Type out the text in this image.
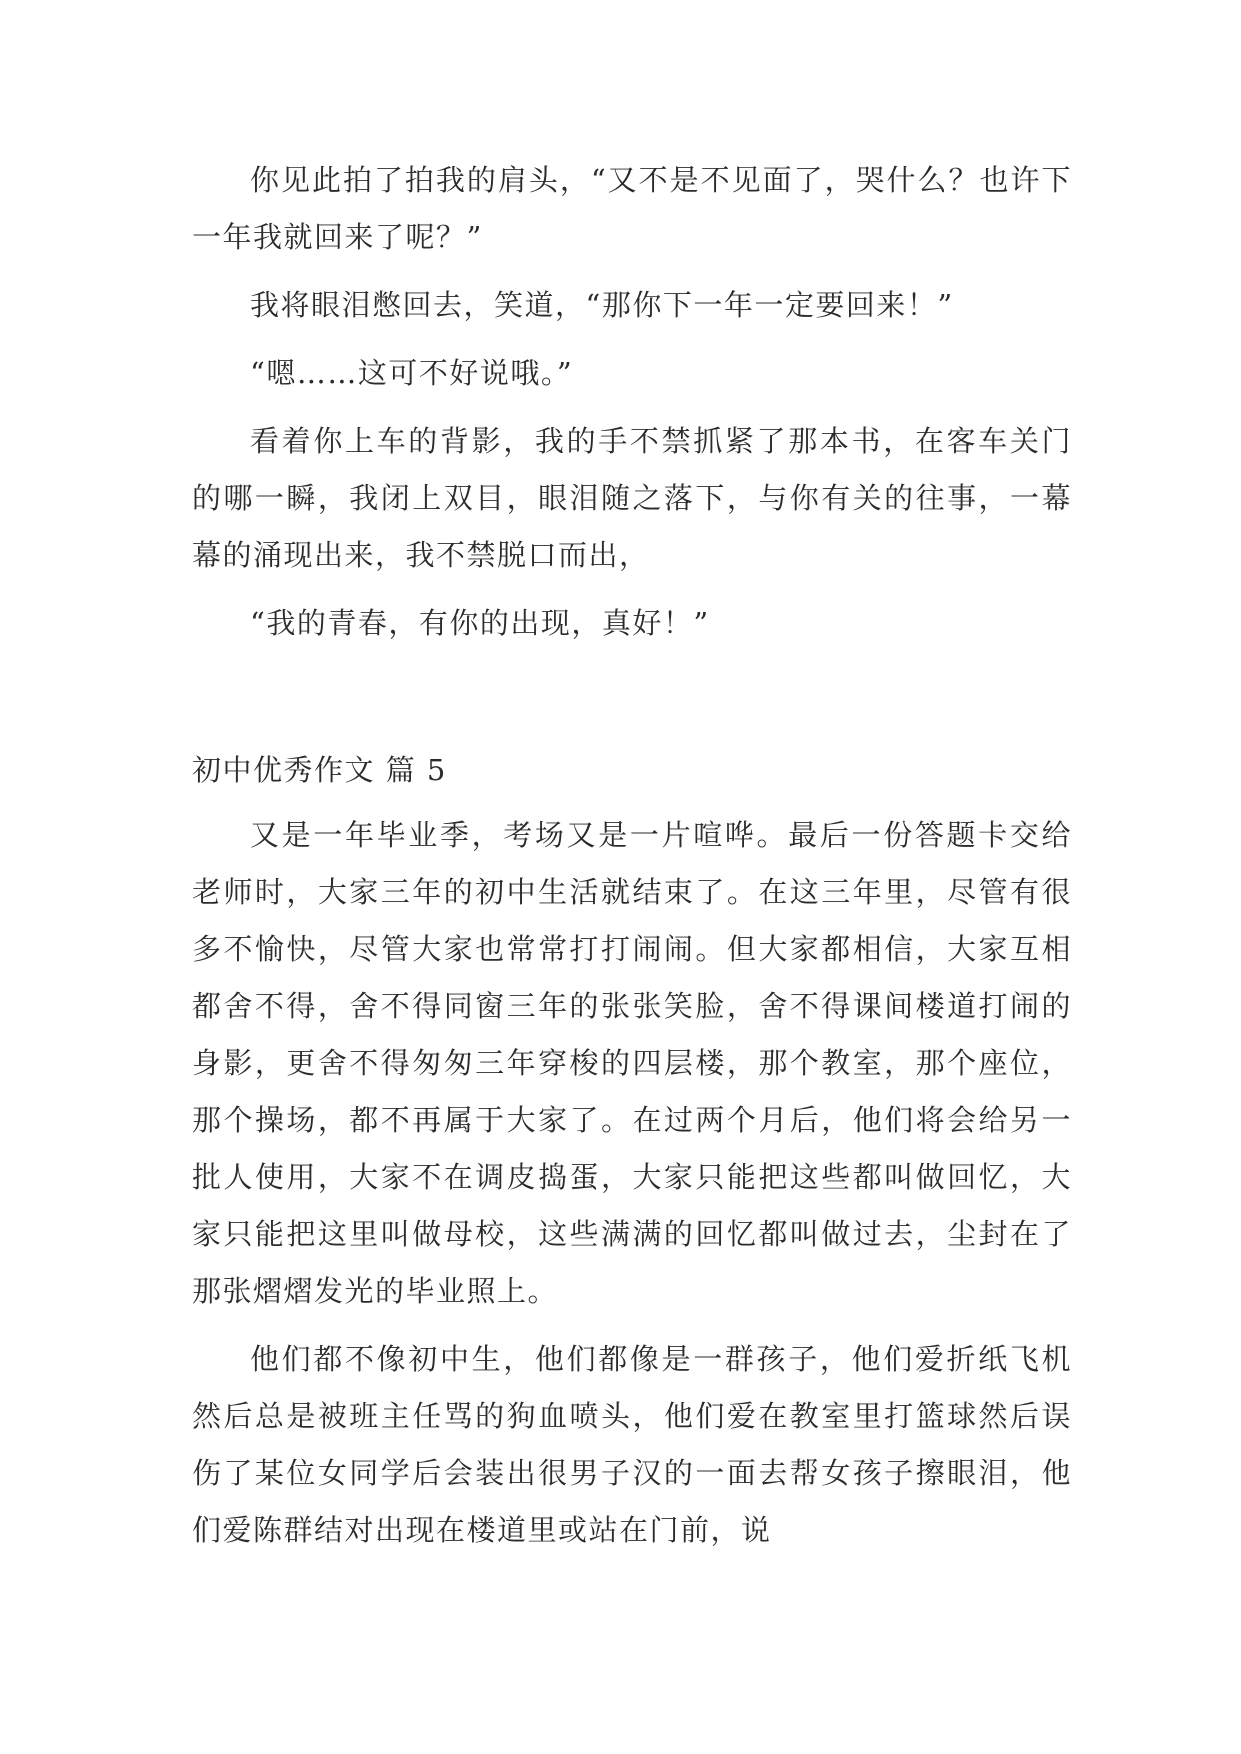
你见此拍了拍我的肩头，“又不是不见面了，哭什么？也许下一年我就回来了呢？”

我将眼泪憋回去，笑道，“那你下一年一定要回来！”

“嗯……这可不好说哦。”

看着你上车的背影，我的手不禁抓紧了那本书，在客车关门的哪一瞬，我闭上双目，眼泪随之落下，与你有关的往事，一幕幕的涌现出来，我不禁脱口而出，

“我的青春，有你的出现，真好！”

初中优秀作文 篇 5

又是一年毕业季，考场又是一片喧哗。最后一份答题卡交给老师时，大家三年的初中生活就结束了。在这三年里，尽管有很多不愉快，尽管大家也常常打打闹闹。但大家都相信，大家互相都舍不得，舍不得同窗三年的张张笑脸，舍不得课间楼道打闹的身影，更舍不得匆匆三年穿梭的四层楼，那个教室，那个座位，那个操场，都不再属于大家了。在过两个月后，他们将会给另一批人使用，大家不在调皮捣蛋，大家只能把这些都叫做回忆，大家只能把这里叫做母校，这些满满的回忆都叫做过去，尘封在了那张熠熠发光的毕业照上。

他们都不像初中生，他们都像是一群孩子，他们爱折纸飞机然后总是被班主任骂的狗血喷头，他们爱在教室里打篮球然后误伤了某位女同学后会装出很男子汉的一面去帮女孩子擦眼泪，他们爱陈群结对出现在楼道里或站在门前，说
